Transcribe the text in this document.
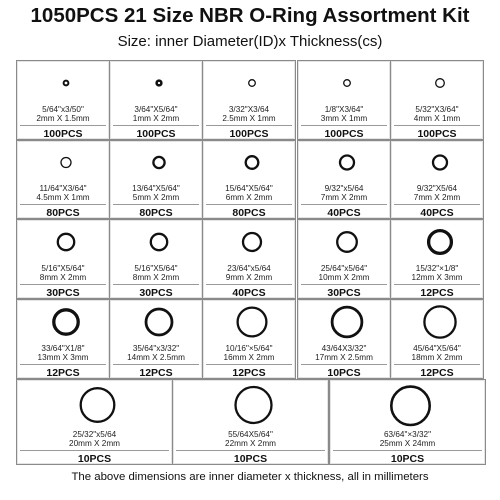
1050PCS 21 Size NBR O-Ring Assortment Kit
Size: inner Diameter(ID)x Thickness(cs)
5/64"x3/50"
2mm X 1.5mm
100PCS
3/64"X5/64"
1mm X 2mm
100PCS
3/32"X3/64
2.5mm X 1mm
100PCS
1/8"X3/64"
3mm X 1mm
100PCS
5/32"X3/64"
4mm X 1mm
100PCS
11/64"X3/64"
4.5mm X 1mm
80PCS
13/64"X5/64"
5mm X 2mm
80PCS
15/64"X5/64"
6mm X 2mm
80PCS
9/32"x5/64
7mm X 2mm
40PCS
9/32"X5/64
7mm X 2mm
40PCS
5/16"X5/64"
8mm X 2mm
30PCS
5/16"X5/64"
8mm X 2mm
30PCS
23/64"x5/64
9mm X 2mm
40PCS
25/64"x5/64"
10mm X 2mm
30PCS
15/32"×1/8"
12mm X 3mm
12PCS
33/64"X1/8"
13mm X 3mm
12PCS
35/64"x3/32"
14mm X 2.5mm
12PCS
10/16"×5/64"
16mm X 2mm
12PCS
43/64X3/32"
17mm X 2.5mm
10PCS
45/64"X5/64"
18mm X 2mm
12PCS
25/32"x5/64
20mm X 2mm
10PCS
55/64X5/64"
22mm X 2mm
10PCS
63/64"×3/32"
25mm X 24mm
10PCS
The above dimensions are inner diameter x thickness, all in millimeters
